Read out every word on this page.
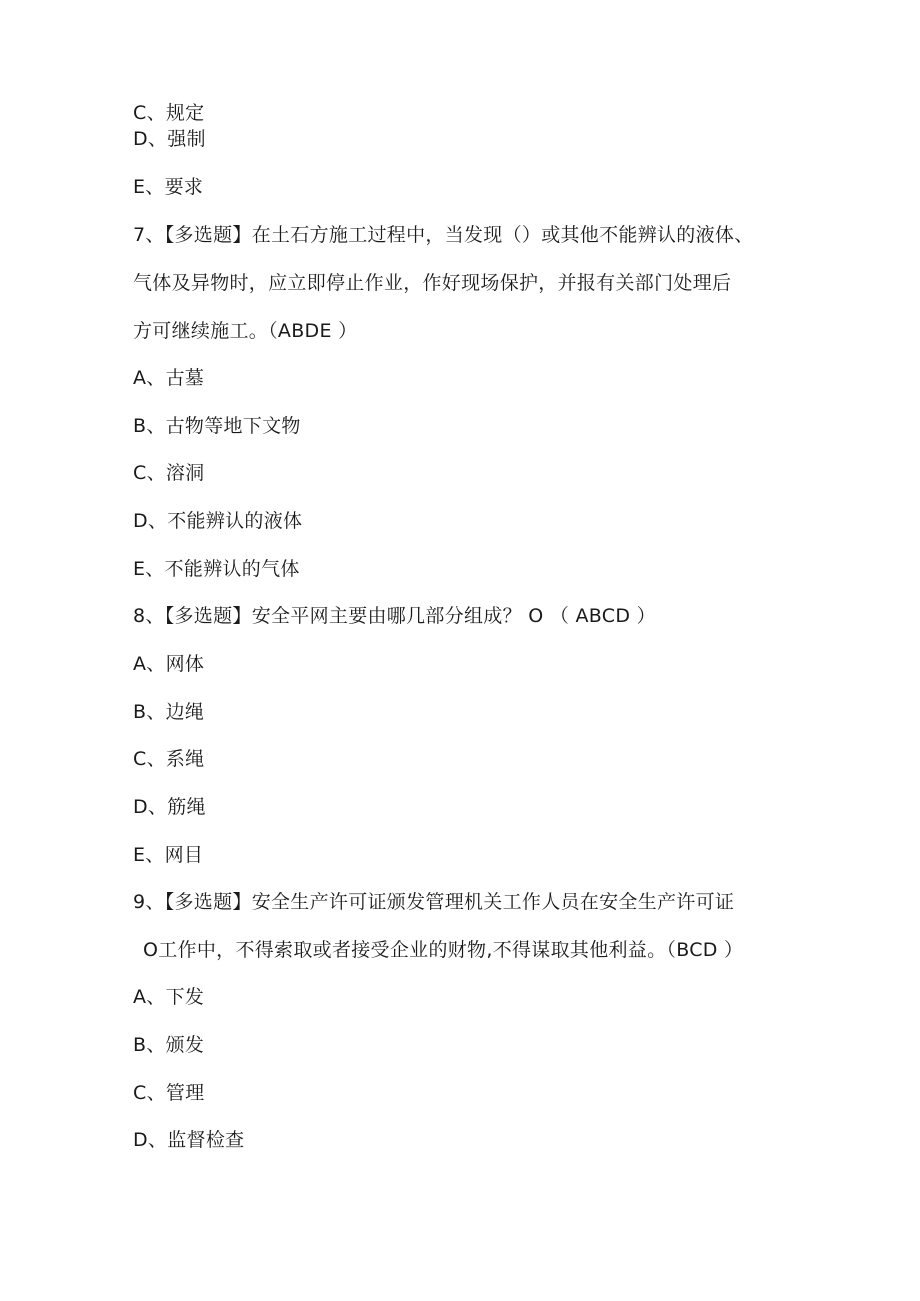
C、规定
D、强制
E、要求
7、【多选题】在土石方施工过程中，当发现（）或其他不能辨认的液体、
气体及异物时，应立即停止作业，作好现场保护，并报有关部门处理后
方可继续施工。（ABDE ）
A、古墓
B、古物等地下文物
C、溶洞
D、不能辨认的液体
E、不能辨认的气体
8、【多选题】安全平网主要由哪几部分组成？ O （ ABCD ）
A、网体
B、边绳
C、系绳
D、筋绳
E、网目
9、【多选题】安全生产许可证颁发管理机关工作人员在安全生产许可证
O工作中，不得索取或者接受企业的财物,不得谋取其他利益。（BCD ）
A、下发
B、颁发
C、管理
D、监督检查
